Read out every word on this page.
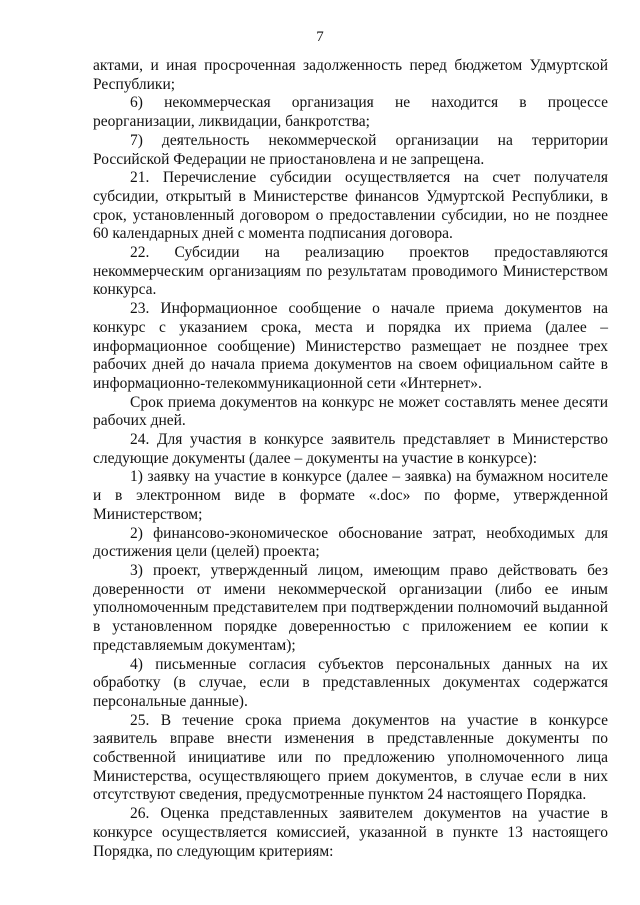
7

актами, и иная просроченная задолженность перед бюджетом Удмуртской Республики;

6) некоммерческая организация не находится в процессе реорганизации, ликвидации, банкротства;

7) деятельность некоммерческой организации на территории Российской Федерации не приостановлена и не запрещена.

21. Перечисление субсидии осуществляется на счет получателя субсидии, открытый в Министерстве финансов Удмуртской Республики, в срок, установленный договором о предоставлении субсидии, но не позднее 60 календарных дней с момента подписания договора.

22. Субсидии на реализацию проектов предоставляются некоммерческим организациям по результатам проводимого Министерством конкурса.

23. Информационное сообщение о начале приема документов на конкурс с указанием срока, места и порядка их приема (далее – информационное сообщение) Министерство размещает не позднее трех рабочих дней до начала приема документов на своем официальном сайте в информационно-телекоммуникационной сети «Интернет».

Срок приема документов на конкурс не может составлять менее десяти рабочих дней.

24. Для участия в конкурсе заявитель представляет в Министерство следующие документы (далее – документы на участие в конкурсе):

1) заявку на участие в конкурсе (далее – заявка) на бумажном носителе и в электронном виде в формате «.doc» по форме, утвержденной Министерством;

2) финансово-экономическое обоснование затрат, необходимых для достижения цели (целей) проекта;

3) проект, утвержденный лицом, имеющим право действовать без доверенности от имени некоммерческой организации (либо ее иным уполномоченным представителем при подтверждении полномочий выданной в установленном порядке доверенностью с приложением ее копии к представляемым документам);

4) письменные согласия субъектов персональных данных на их обработку (в случае, если в представленных документах содержатся персональные данные).

25. В течение срока приема документов на участие в конкурсе заявитель вправе внести изменения в представленные документы по собственной инициативе или по предложению уполномоченного лица Министерства, осуществляющего прием документов, в случае если в них отсутствуют сведения, предусмотренные пунктом 24 настоящего Порядка.

26. Оценка представленных заявителем документов на участие в конкурсе осуществляется комиссией, указанной в пункте 13 настоящего Порядка, по следующим критериям:
